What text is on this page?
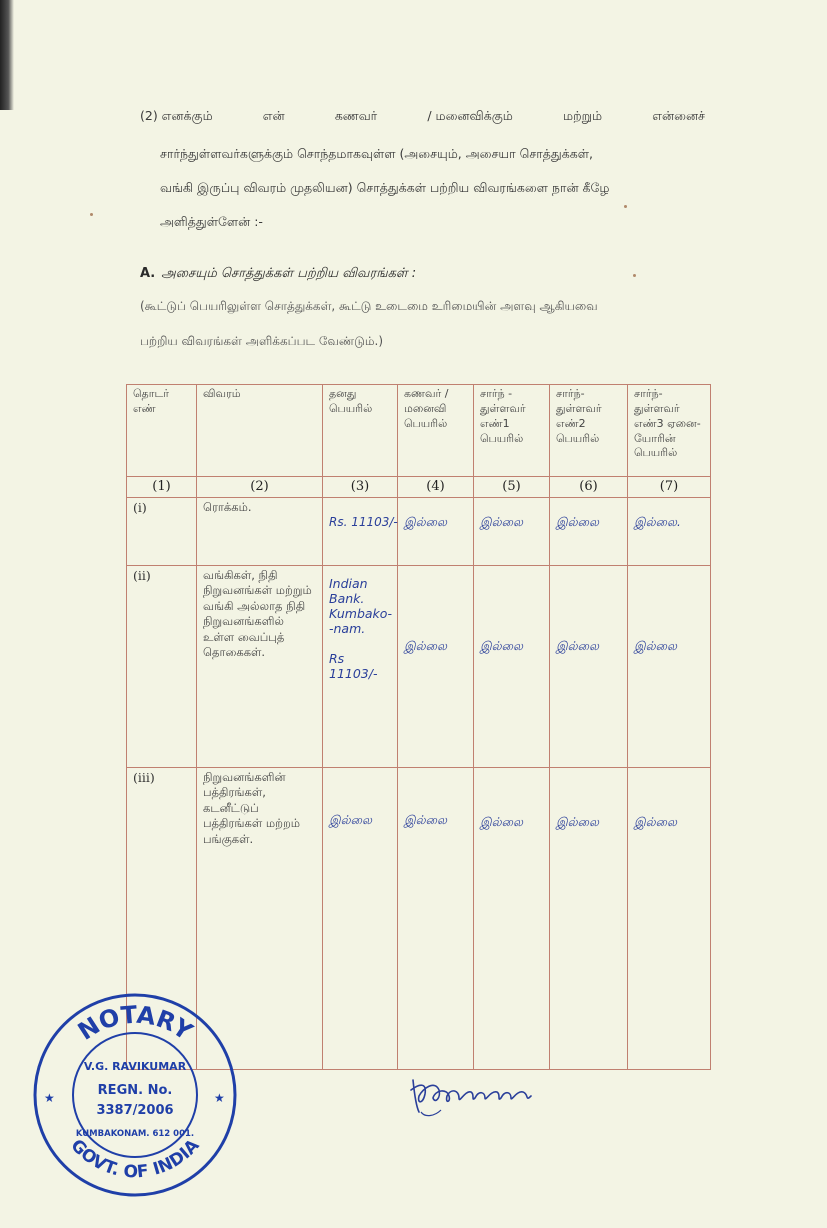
(2) எனக்கும்	என்	கணவர்	/ மனைவிக்கும்	மற்றும்	என்னைச்
சார்ந்துள்ளவர்களுக்கும் சொந்தமாகவுள்ள (அசையும், அசையா சொத்துக்கள்,
வங்கி இருப்பு விவரம் முதலியன) சொத்துக்கள் பற்றிய விவரங்களை நான் கீழே
அளித்துள்ளேன் :-
A. அசையும் சொத்துக்கள் பற்றிய விவரங்கள் :
(கூட்டுப் பெயரிலுள்ள சொத்துக்கள், கூட்டு உடைமை உரிமையின் அளவு ஆகியவை
பற்றிய விவரங்கள் அளிக்கப்பட வேண்டும்.)
தொடர் எண்	விவரம்	தனது பெயரில்	கணவர் / மனைவி பெயரில்	சார்ந் - துள்ளவர் எண்1 பெயரில்	சார்ந்- துள்ளவர் எண்2 பெயரில்	சார்ந்- துள்ளவர் எண்3 ஏனை- யோரின் பெயரில்
(1)	(2)	(3)	(4)	(5)	(6)	(7)
(i)	ரொக்கம்.	Rs. 11103/-	இல்லை	இல்லை	இல்லை	இல்லை.

(ii)	வங்கிகள், நிதி நிறுவனங்கள் மற்றும் வங்கி அல்லாத நிதி நிறுவனங்களில் உள்ள வைப்புத் தொகைகள்.	Indian
Bank.
Kumbako-
-nam.

Rs 11103/-	இல்லை	இல்லை	இல்லை	இல்லை

(iii)	நிறுவனங்களின் பத்திரங்கள், கடனீட்டுப் பத்திரங்கள் மற்றம் பங்குகள்.	இல்லை	இல்லை	இல்லை	இல்லை	இல்லை
NOTARY
GOVT. OF INDIA
V.G. RAVIKUMAR
REGN. No.
3387/2006
KUMBAKONAM. 612 001.
★	★
